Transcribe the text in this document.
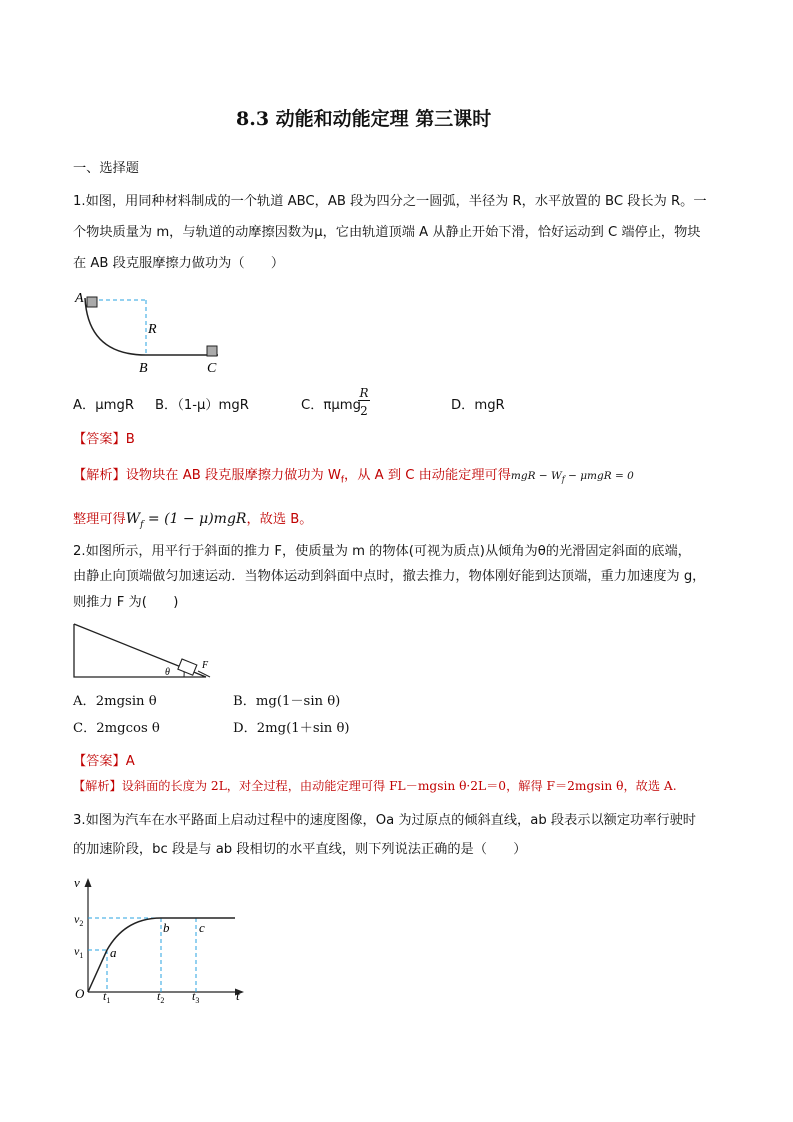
8.3 动能和动能定理 第三课时
一、选择题
1.如图，用同种材料制成的一个轨道 ABC，AB 段为四分之一圆弧，半径为 R，水平放置的 BC 段长为 R。一
个物块质量为 m，与轨道的动摩擦因数为μ，它由轨道顶端 A 从静止开始下滑，恰好运动到 C 端停止，物块
在 AB 段克服摩擦力做功为（　　）
A
R
B	C
A．μmgR B．（1-μ）mgR	C．πμmg
R
2	D．mgR
【答案】B
【解析】设物块在 AB 段克服摩擦力做功为 $W_f$，从 A 到 C 由动能定理可得mgR − $W_f - \mu mgR = 0$
整理可得$W_f = (1 - \mu)mgR$，故选 B。
2.如图所示，用平行于斜面的推力 F，使质量为 m 的物体(可视为质点)从倾角为θ的光滑固定斜面的底端，
由静止向顶端做匀加速运动．当物体运动到斜面中点时，撤去推力，物体刚好能到达顶端，重力加速度为 g，
则推力 F 为(　　)
θ
F
A．2mgsin θ	B．mg(1－sin θ)
C．2mgcos θ	D．2mg(1＋sin θ)
【答案】A
【解析】设斜面的长度为 2L，对全过程，由动能定理可得 FL－mgsin θ·2L＝0，解得 F＝2mgsin θ，故选 A.
3.如图为汽车在水平路面上启动过程中的速度图像，Oa 为过原点的倾斜直线，ab 段表示以额定功率行驶时
的加速阶段，bc 段是与 ab 段相切的水平直线，则下列说法正确的是（　　）
v
$v_2$
$v_1$
O $t_1$	$t_2$ $t_3$	t
a
b c
